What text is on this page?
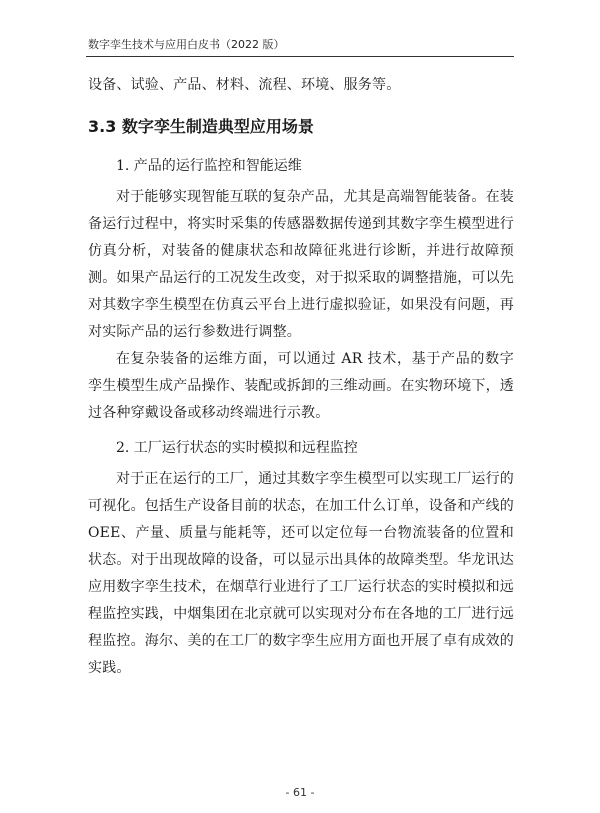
数字孪生技术与应用白皮书（2022 版）

设备、试验、产品、材料、流程、环境、服务等。

3.3 数字孪生制造典型应用场景
1. 产品的运行监控和智能运维

对于能够实现智能互联的复杂产品，尤其是高端智能装备。在装备运行过程中，将实时采集的传感器数据传递到其数字孪生模型进行仿真分析，对装备的健康状态和故障征兆进行诊断，并进行故障预测。如果产品运行的工况发生改变，对于拟采取的调整措施，可以先对其数字孪生模型在仿真云平台上进行虚拟验证，如果没有问题，再对实际产品的运行参数进行调整。

在复杂装备的运维方面，可以通过 AR 技术，基于产品的数字孪生模型生成产品操作、装配或拆卸的三维动画。在实物环境下，透过各种穿戴设备或移动终端进行示教。

2. 工厂运行状态的实时模拟和远程监控

对于正在运行的工厂，通过其数字孪生模型可以实现工厂运行的可视化。包括生产设备目前的状态，在加工什么订单，设备和产线的 OEE、产量、质量与能耗等，还可以定位每一台物流装备的位置和状态。对于出现故障的设备，可以显示出具体的故障类型。华龙讯达应用数字孪生技术，在烟草行业进行了工厂运行状态的实时模拟和远程监控实践，中烟集团在北京就可以实现对分布在各地的工厂进行远程监控。海尔、美的在工厂的数字孪生应用方面也开展了卓有成效的实践。

- 61 -
